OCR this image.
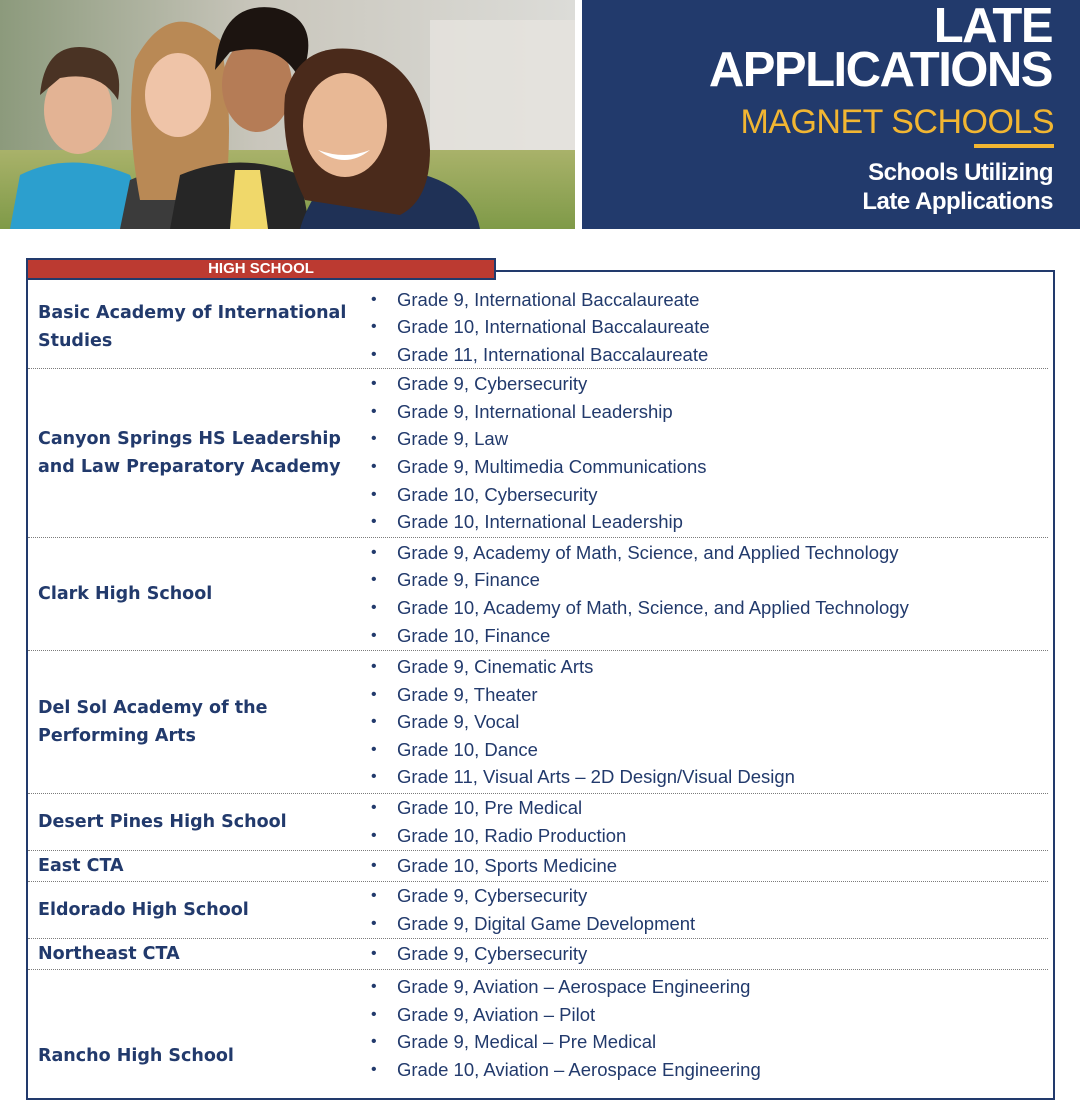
LATE
APPLICATIONS
MAGNET SCHOOLS

Schools Utilizing
Late Applications

HIGH SCHOOL
Basic Academy of International Studies
• Grade 9, International Baccalaureate
• Grade 10, International Baccalaureate
• Grade 11, International Baccalaureate
Canyon Springs HS Leadership and Law Preparatory Academy
• Grade 9, Cybersecurity
• Grade 9, International Leadership
• Grade 9, Law
• Grade 9, Multimedia Communications
• Grade 10, Cybersecurity
• Grade 10, International Leadership
Clark High School
• Grade 9, Academy of Math, Science, and Applied Technology
• Grade 9, Finance
• Grade 10, Academy of Math, Science, and Applied Technology
• Grade 10, Finance
Del Sol Academy of the Performing Arts
• Grade 9, Cinematic Arts
• Grade 9, Theater
• Grade 9, Vocal
• Grade 10, Dance
• Grade 11, Visual Arts – 2D Design/Visual Design
Desert Pines High School
• Grade 10, Pre Medical
• Grade 10, Radio Production
East CTA	• Grade 10, Sports Medicine
Eldorado High School
• Grade 9, Cybersecurity
• Grade 9, Digital Game Development
Northeast CTA	• Grade 9, Cybersecurity
Rancho High School
• Grade 9, Aviation – Aerospace Engineering
• Grade 9, Aviation – Pilot
• Grade 9, Medical – Pre Medical
• Grade 10, Aviation – Aerospace Engineering
